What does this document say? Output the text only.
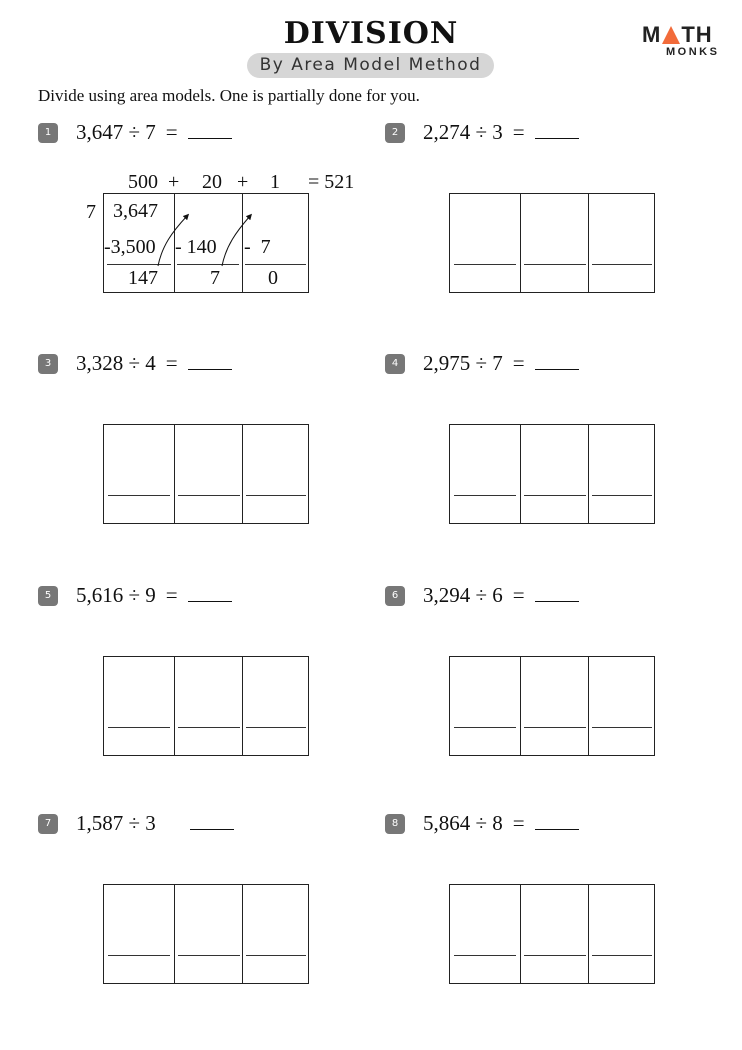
DIVISION
By Area Model Method
M TH
MONKS
Divide using area models. One is partially done for you.
1	3,647 ÷ 7 =	2	2,274 ÷ 3 =
3	3,328 ÷ 4 =	4	2,975 ÷ 7 =
5	5,616 ÷ 9 =	6	3,294 ÷ 6 =
7	1,587 ÷ 3	8	5,864 ÷ 8 =
500 + 20 + 1 = 521
7 3,647
-3,500 - 140 -  7
147	7 0
